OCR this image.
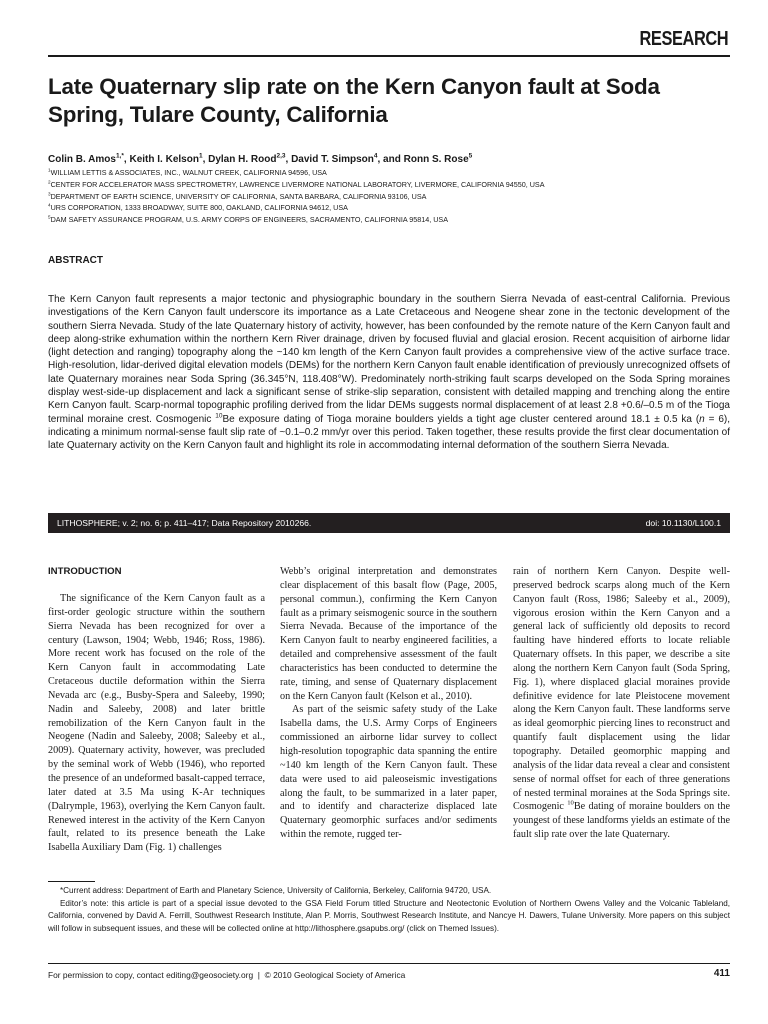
RESEARCH
Late Quaternary slip rate on the Kern Canyon fault at Soda Spring, Tulare County, California
Colin B. Amos$^{1,*}$, Keith I. Kelson$^1$, Dylan H. Rood$^{2,3}$, David T. Simpson$^4$, and Ronn S. Rose$^5$
$^1$WILLIAM LETTIS & ASSOCIATES, INC., WALNUT CREEK, CALIFORNIA 94596, USA
$^2$CENTER FOR ACCELERATOR MASS SPECTROMETRY, LAWRENCE LIVERMORE NATIONAL LABORATORY, LIVERMORE, CALIFORNIA 94550, USA
$^3$DEPARTMENT OF EARTH SCIENCE, UNIVERSITY OF CALIFORNIA, SANTA BARBARA, CALIFORNIA 93106, USA
$^4$URS CORPORATION, 1333 BROADWAY, SUITE 800, OAKLAND, CALIFORNIA 94612, USA
$^5$DAM SAFETY ASSURANCE PROGRAM, U.S. ARMY CORPS OF ENGINEERS, SACRAMENTO, CALIFORNIA 95814, USA
ABSTRACT
The Kern Canyon fault represents a major tectonic and physiographic boundary in the southern Sierra Nevada of east-central California. Previous investigations of the Kern Canyon fault underscore its importance as a Late Cretaceous and Neogene shear zone in the tectonic development of the southern Sierra Nevada. Study of the late Quaternary history of activity, however, has been confounded by the remote nature of the Kern Canyon fault and deep along-strike exhumation within the northern Kern River drainage, driven by focused fluvial and glacial erosion. Recent acquisition of airborne lidar (light detection and ranging) topography along the ~140 km length of the Kern Canyon fault provides a comprehensive view of the active surface trace. High-resolution, lidar-derived digital elevation models (DEMs) for the northern Kern Canyon fault enable identification of previously unrecognized offsets of late Quaternary moraines near Soda Spring (36.345°N, 118.408°W). Predominately north-striking fault scarps developed on the Soda Spring moraines display west-side-up displacement and lack a significant sense of strike-slip separation, consistent with detailed mapping and trenching along the entire Kern Canyon fault. Scarp-normal topographic profiling derived from the lidar DEMs suggests normal displacement of at least 2.8 +0.6/–0.5 m of the Tioga terminal moraine crest. Cosmogenic $^{10}$Be exposure dating of Tioga moraine boulders yields a tight age cluster centered around 18.1 ± 0.5 ka (n = 6), indicating a minimum normal-sense fault slip rate of ~0.1–0.2 mm/yr over this period. Taken together, these results provide the first clear documentation of late Quaternary activity on the Kern Canyon fault and highlight its role in accommodating internal deformation of the southern Sierra Nevada.
LITHOSPHERE; v. 2; no. 6; p. 411–417; Data Repository 2010266.	doi: 10.1130/L100.1
INTRODUCTION

The significance of the Kern Canyon fault as a first-order geologic structure within the southern Sierra Nevada has been recognized for over a century (Lawson, 1904; Webb, 1946; Ross, 1986). More recent work has focused on the role of the Kern Canyon fault in accommodating Late Cretaceous ductile deformation within the Sierra Nevada arc (e.g., Busby-Spera and Saleeby, 1990; Nadin and Saleeby, 2008) and later brittle remobilization of the Kern Canyon fault in the Neogene (Nadin and Saleeby, 2008; Saleeby et al., 2009). Quaternary activity, however, was precluded by the seminal work of Webb (1946), who reported the presence of an undeformed basalt-capped terrace, later dated at 3.5 Ma using K-Ar techniques (Dalrymple, 1963), overlying the Kern Canyon fault. Renewed interest in the activity of the Kern Canyon fault, related to its presence beneath the Lake Isabella Auxiliary Dam (Fig. 1) challenges

Webb’s original interpretation and demonstrates clear displacement of this basalt flow (Page, 2005, personal commun.), confirming the Kern Canyon fault as a primary seismogenic source in the southern Sierra Nevada. Because of the importance of the Kern Canyon fault to nearby engineered facilities, a detailed and comprehensive assessment of the fault characteristics has been conducted to determine the rate, timing, and sense of Quaternary displacement on the Kern Canyon fault (Kelson et al., 2010).

As part of the seismic safety study of the Lake Isabella dams, the U.S. Army Corps of Engineers commissioned an airborne lidar survey to collect high-resolution topographic data spanning the entire ~140 km length of the Kern Canyon fault. These data were used to aid paleoseismic investigations along the fault, to be summarized in a later paper, and to identify and characterize displaced late Quaternary geomorphic surfaces and/or sediments within the remote, rugged ter-

rain of northern Kern Canyon. Despite well-preserved bedrock scarps along much of the Kern Canyon fault (Ross, 1986; Saleeby et al., 2009), vigorous erosion within the Kern Canyon and a general lack of sufficiently old deposits to record faulting have hindered efforts to locate reliable Quaternary offsets. In this paper, we describe a site along the northern Kern Canyon fault (Soda Spring, Fig. 1), where displaced glacial moraines provide definitive evidence for late Pleistocene movement along the Kern Canyon fault. These landforms serve as ideal geomorphic piercing lines to reconstruct and quantify fault displacement using the lidar topography. Detailed geomorphic mapping and analysis of the lidar data reveal a clear and consistent sense of normal offset for each of three generations of nested terminal moraines at the Soda Springs site. Cosmogenic $^{10}$Be dating of moraine boulders on the youngest of these landforms yields an estimate of the fault slip rate over the late Quaternary.

*Current address: Department of Earth and Planetary Science, University of California, Berkeley, California 94720, USA.

Editor’s note: this article is part of a special issue devoted to the GSA Field Forum titled Structure and Neotectonic Evolution of Northern Owens Valley and the Volcanic Tableland, California, convened by David A. Ferrill, Southwest Research Institute, Alan P. Morris, Southwest Research Institute, and Nancye H. Dawers, Tulane University. More papers on this subject will follow in subsequent issues, and these will be collected online at http://lithosphere.gsapubs.org/ (click on Themed Issues).

For permission to copy, contact editing@geosociety.org  |  © 2010 Geological Society of America	411
